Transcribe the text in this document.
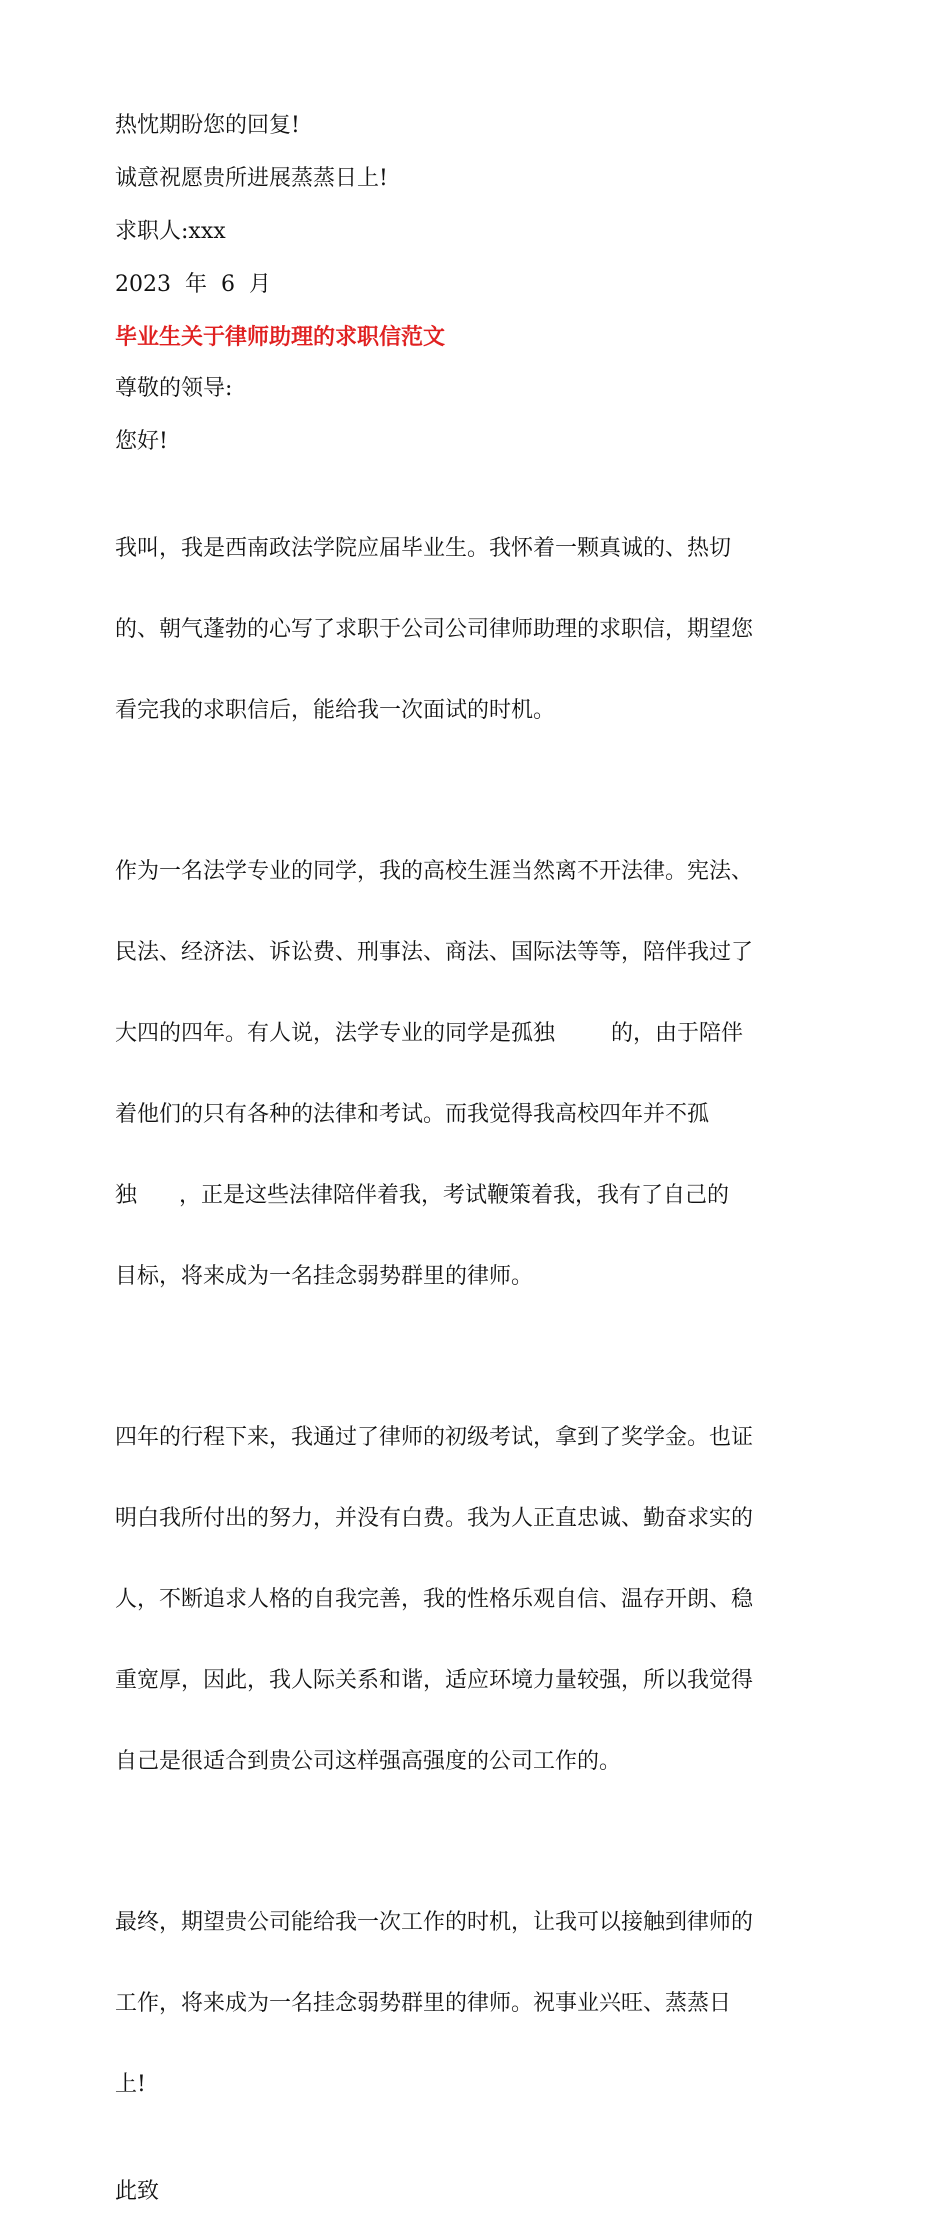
热忱期盼您的回复!

诚意祝愿贵所进展蒸蒸日上!

求职人:xxx

2023  年  6  月

毕业生关于律师助理的求职信范文

尊敬的领导:

您好!

我叫，我是西南政法学院应届毕业生。我怀着一颗真诚的、热切

的、朝气蓬勃的心写了求职于公司公司律师助理的求职信，期望您

看完我的求职信后，能给我一次面试的时机。

作为一名法学专业的同学，我的高校生涯当然离不开法律。宪法、

民法、经济法、诉讼费、刑事法、商法、国际法等等，陪伴我过了

大四的四年。有人说，法学专业的同学是孤独        的，由于陪伴

着他们的只有各种的法律和考试。而我觉得我高校四年并不孤

独      ，正是这些法律陪伴着我，考试鞭策着我，我有了自己的

目标，将来成为一名挂念弱势群里的律师。

四年的行程下来，我通过了律师的初级考试，拿到了奖学金。也证

明白我所付出的努力，并没有白费。我为人正直忠诚、勤奋求实的

人，不断追求人格的自我完善，我的性格乐观自信、温存开朗、稳

重宽厚，因此，我人际关系和谐，适应环境力量较强，所以我觉得

自己是很适合到贵公司这样强高强度的公司工作的。

最终，期望贵公司能给我一次工作的时机，让我可以接触到律师的

工作，将来成为一名挂念弱势群里的律师。祝事业兴旺、蒸蒸日

上!

此致
